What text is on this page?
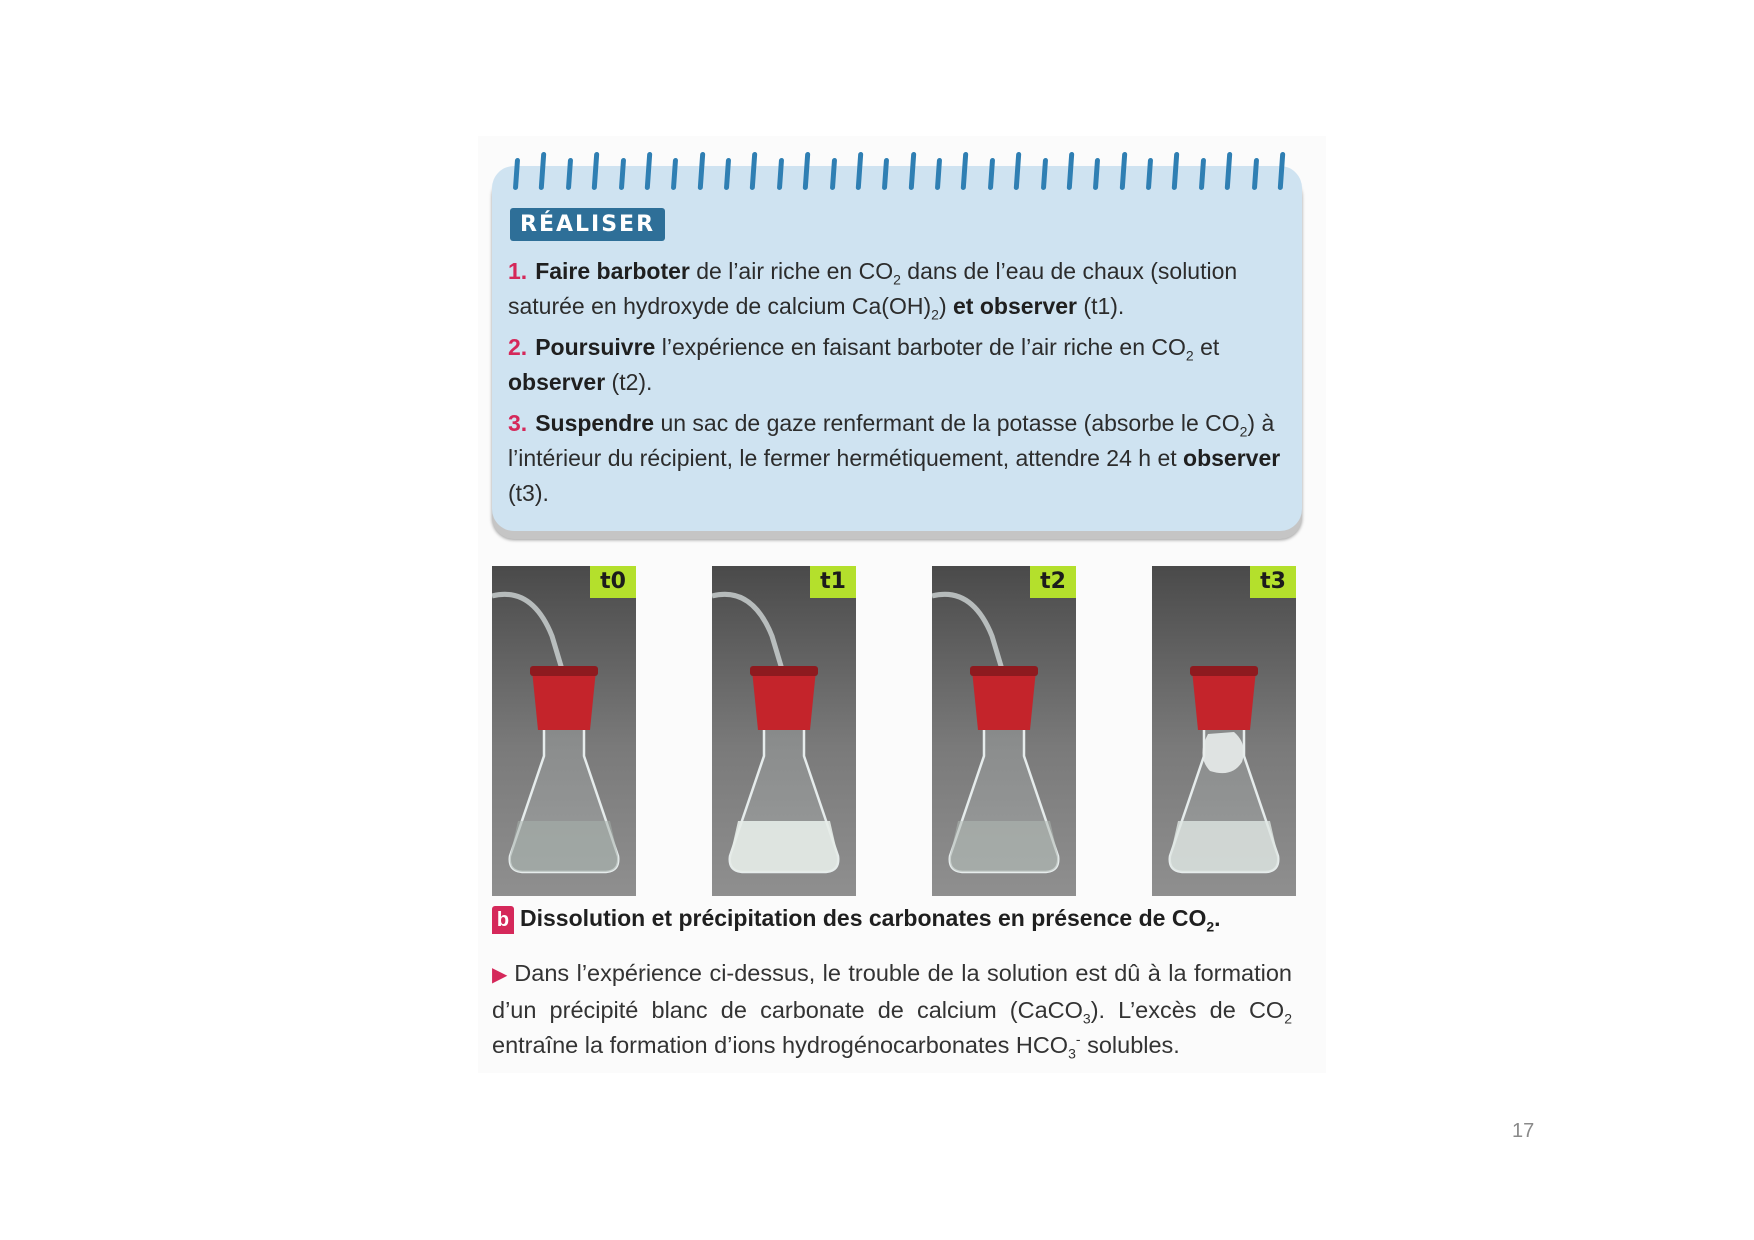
RÉALISER
1. Faire barboter de l’air riche en $CO_2$ dans de l’eau de chaux (solution saturée en hydroxyde de calcium $Ca(OH)_2$) et observer (t1).
2. Poursuivre l’expérience en faisant barboter de l’air riche en $CO_2$ et observer (t2).
3. Suspendre un sac de gaze renfermant de la potasse (absorbe le $CO_2$) à l’intérieur du récipient, le fermer hermétiquement, attendre 24 h et observer (t3).
t0	t1	t2	t3
b Dissolution et précipitation des carbonates en présence de $CO_2$.
▶ Dans l’expérience ci-dessus, le trouble de la solution est dû à la formation d’un précipité blanc de carbonate de calcium (CaCO$_3$). L’excès de $CO_2$ entraîne la formation d’ions hydrogénocarbonates $HCO_3^-$ solubles.
17
